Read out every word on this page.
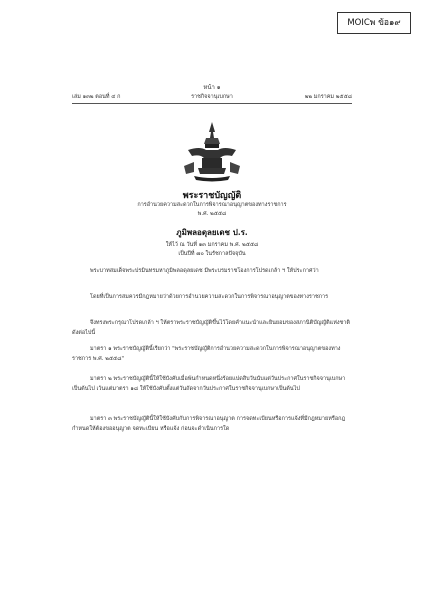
MOICพ ข้อ๑๙
หน้า ๑
เล่ม ๑๓๒ ตอนที่ ๔ ก	ราชกิจจานุเบกษา	๒๒ มกราคม ๒๕๕๘
พระราชบัญญัติ
การอำนวยความสะดวกในการพิจารณาอนุญาตของทางราชการ
พ.ศ. ๒๕๕๘
ภูมิพลอดุลยเดช ป.ร.
ให้ไว้ ณ วันที่ ๑๓ มกราคม พ.ศ. ๒๕๕๘
เป็นปีที่ ๗๐ ในรัชกาลปัจจุบัน

พระบาทสมเด็จพระปรมินทรมหาภูมิพลอดุลยเดช มีพระบรมราชโองการโปรดเกล้า ฯ ให้ประกาศว่า

โดยที่เป็นการสมควรมีกฎหมายว่าด้วยการอำนวยความสะดวกในการพิจารณาอนุญาตของทางราชการ

จึงทรงพระกรุณาโปรดเกล้า ฯ ให้ตราพระราชบัญญัติขึ้นไว้โดยคำแนะนำและยินยอมของสภานิติบัญญัติแห่งชาติ ดังต่อไปนี้

มาตรา ๑ พระราชบัญญัตินี้เรียกว่า "พระราชบัญญัติการอำนวยความสะดวกในการพิจารณาอนุญาตของทางราชการ พ.ศ. ๒๕๕๘"

มาตรา ๒ พระราชบัญญัตินี้ให้ใช้บังคับเมื่อพ้นกำหนดหนึ่งร้อยแปดสิบวันนับแต่วันประกาศในราชกิจจานุเบกษาเป็นต้นไป เว้นแต่มาตรา ๑๘ ให้ใช้บังคับตั้งแต่วันถัดจากวันประกาศในราชกิจจานุเบกษาเป็นต้นไป

มาตรา ๓ พระราชบัญญัตินี้ให้ใช้บังคับกับการพิจารณาอนุญาต การจดทะเบียนหรือการแจ้งที่มีกฎหมายหรือกฎกำหนดให้ต้องขออนุญาต จดทะเบียน หรือแจ้ง ก่อนจะดำเนินการใด
